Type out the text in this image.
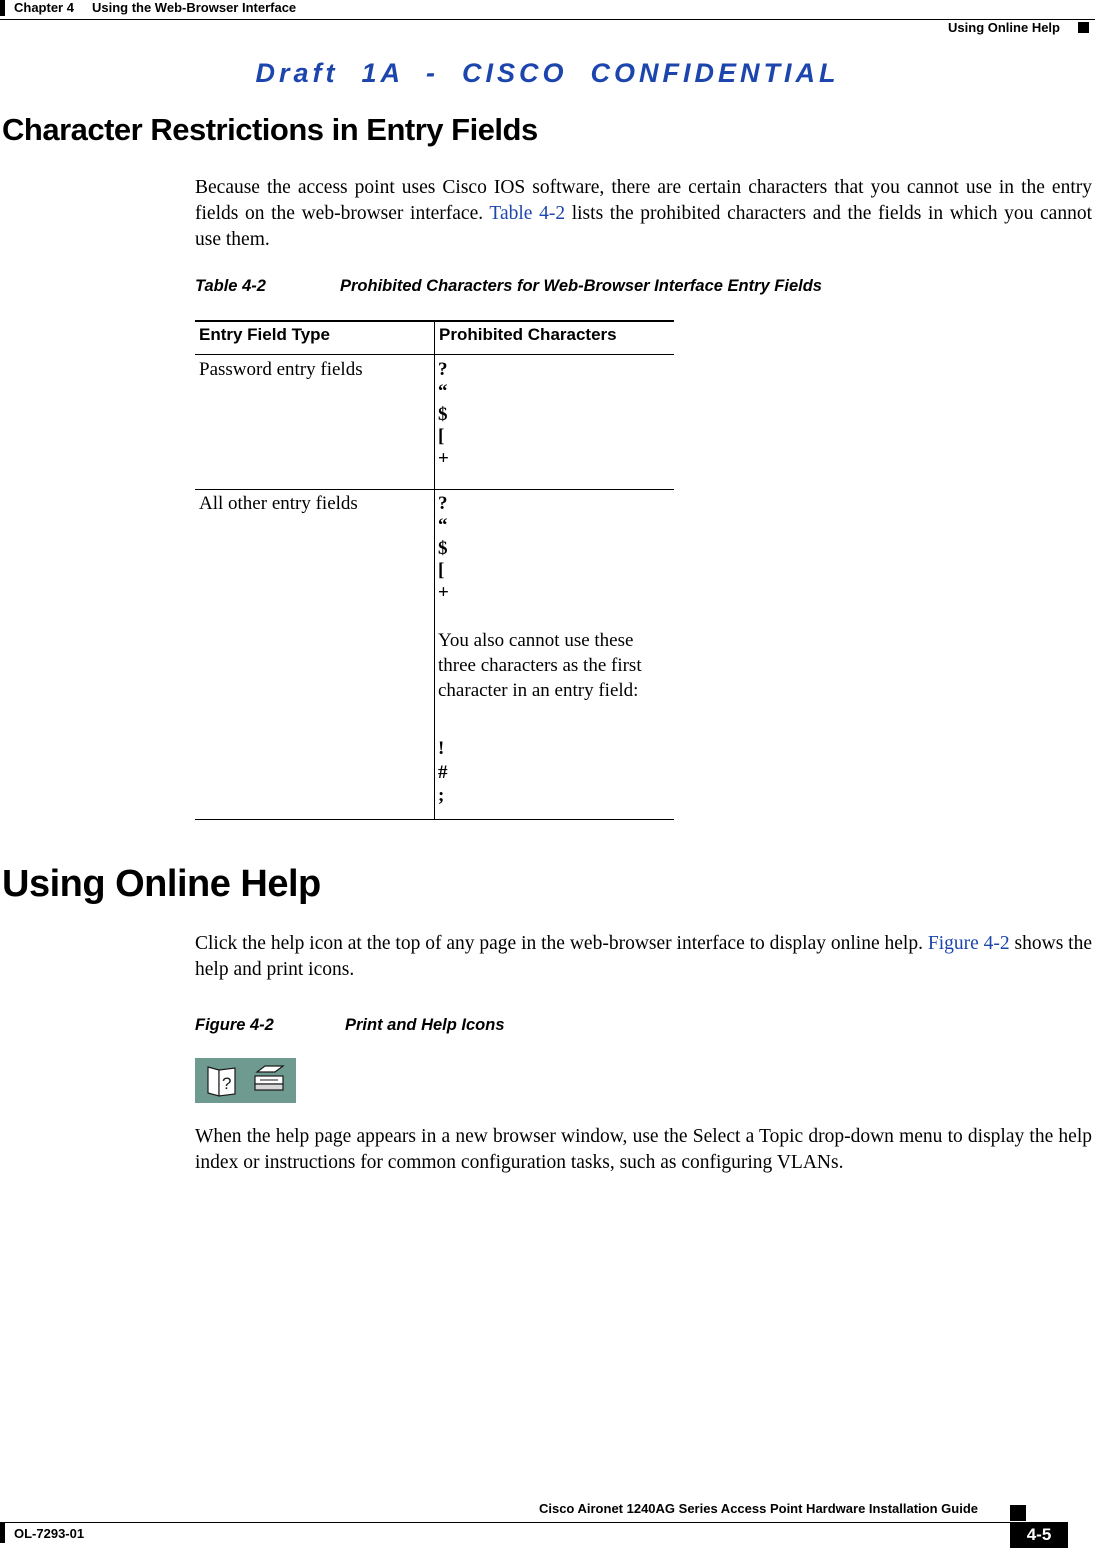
Chapter 4 Using the Web-Browser Interface
Using Online Help
Draft  1A  -  CISCO  CONFIDENTIAL
Character Restrictions in Entry Fields

Because the access point uses Cisco IOS software, there are certain characters that you cannot use in the entry fields on the web-browser interface. Table 4-2 lists the prohibited characters and the fields in which you cannot use them.

Table 4-2	Prohibited Characters for Web-Browser Interface Entry Fields
Entry Field Type	Prohibited Characters
Password entry fields	?
“
$
[
+
All other entry fields	?
“
$
[
+
You also cannot use these three characters as the first character in an entry field:
!
#
;
Using Online Help

Click the help icon at the top of any page in the web-browser interface to display online help. Figure 4-2 shows the help and print icons.

Figure 4-2	Print and Help Icons
?

When the help page appears in a new browser window, use the Select a Topic drop-down menu to display the help index or instructions for common configuration tasks, such as configuring VLANs.

Cisco Aironet 1240AG Series Access Point Hardware Installation Guide
OL-7293-01	4-5
